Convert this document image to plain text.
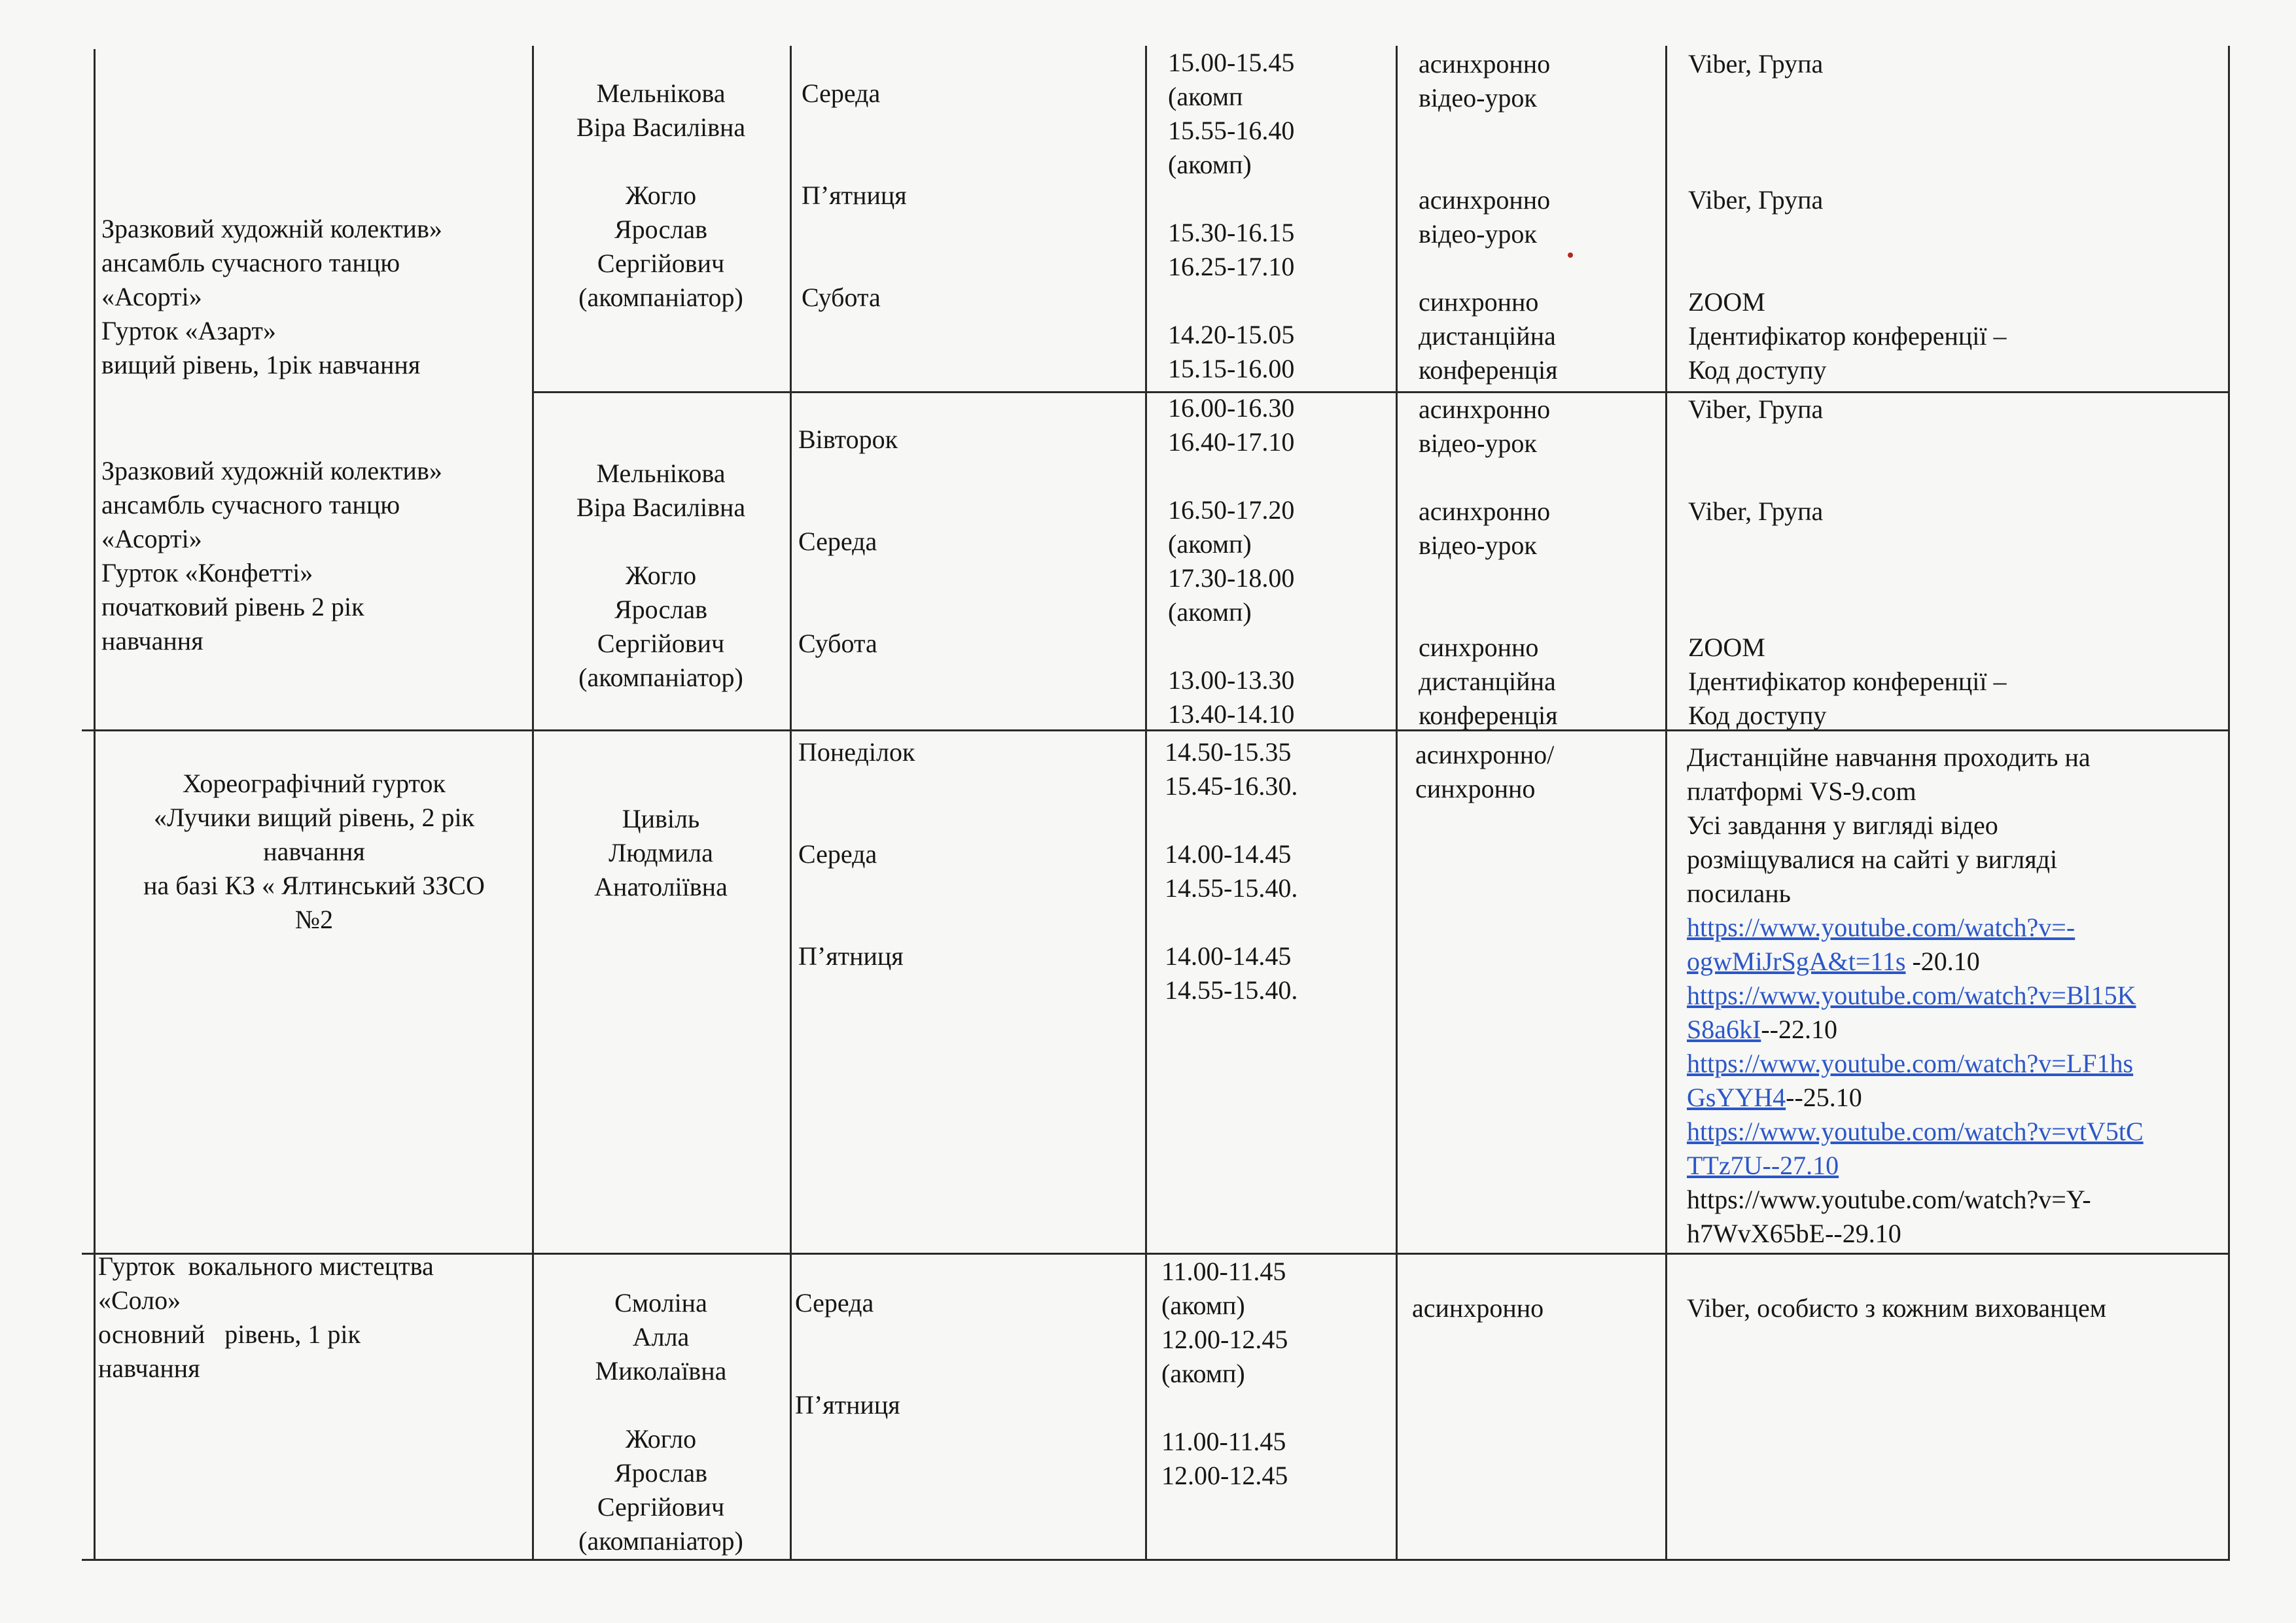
Зразковий художній колектив»
ансамбль сучасного танцю
«Асорті»
Гурток «Азарт»
вищий рівень, 1рік навчання
Мельнікова
Віра Василівна
Жогло
Ярослав
Сергійович
(акомпаніатор)
Середа
П’ятниця
Субота
15.00-15.45
(акомп
15.55-16.40
(акомп)
15.30-16.15
16.25-17.10
14.20-15.05
15.15-16.00
асинхронно
відео-урок
асинхронно
відео-урок
синхронно
дистанційна
конференція
Viber, Група
Viber, Група
ZOOM
Ідентифікатор конференції –
Код доступу
Зразковий художній колектив»
ансамбль сучасного танцю
«Асорті»
Гурток «Конфетті»
початковий рівень 2 рік
навчання
Мельнікова
Віра Василівна
Жогло
Ярослав
Сергійович
(акомпаніатор)
Вівторок
Середа
Субота
16.00-16.30
16.40-17.10
16.50-17.20
(акомп)
17.30-18.00
(акомп)
13.00-13.30
13.40-14.10
асинхронно
відео-урок
асинхронно
відео-урок
синхронно
дистанційна
конференція
Viber, Група
Viber, Група
ZOOM
Ідентифікатор конференції –
Код доступу
Хореографічний гурток
«Лучики вищий рівень, 2 рік
навчання
на базі КЗ « Ялтинський ЗЗСО
№2
Цивіль
Людмила
Анатоліївна
Понеділок
Середа
П’ятниця
14.50-15.35
15.45-16.30.
14.00-14.45
14.55-15.40.
14.00-14.45
14.55-15.40.
асинхронно/
синхронно
Дистанційне навчання проходить на
платформі VS-9.com
Усі завдання у вигляді відео
розміщувалися на сайті у вигляді
посилань
https://www.youtube.com/watch?v=-
ogwMiJrSgA&t=11s -20.10
https://www.youtube.com/watch?v=Bl15K
S8a6kI--22.10
https://www.youtube.com/watch?v=LF1hs
GsYYH4--25.10
https://www.youtube.com/watch?v=vtV5tC
TTz7U--27.10
https://www.youtube.com/watch?v=Y-
h7WvX65bE--29.10
Гурток  вокального мистецтва
«Соло»
основний   рівень, 1 рік
навчання
Смоліна
Алла
Миколаївна
Жогло
Ярослав
Сергійович
(акомпаніатор)
Середа
П’ятниця
11.00-11.45
(акомп)
12.00-12.45
(акомп)
11.00-11.45
12.00-12.45
асинхронно	Viber, особисто з кожним вихованцем
